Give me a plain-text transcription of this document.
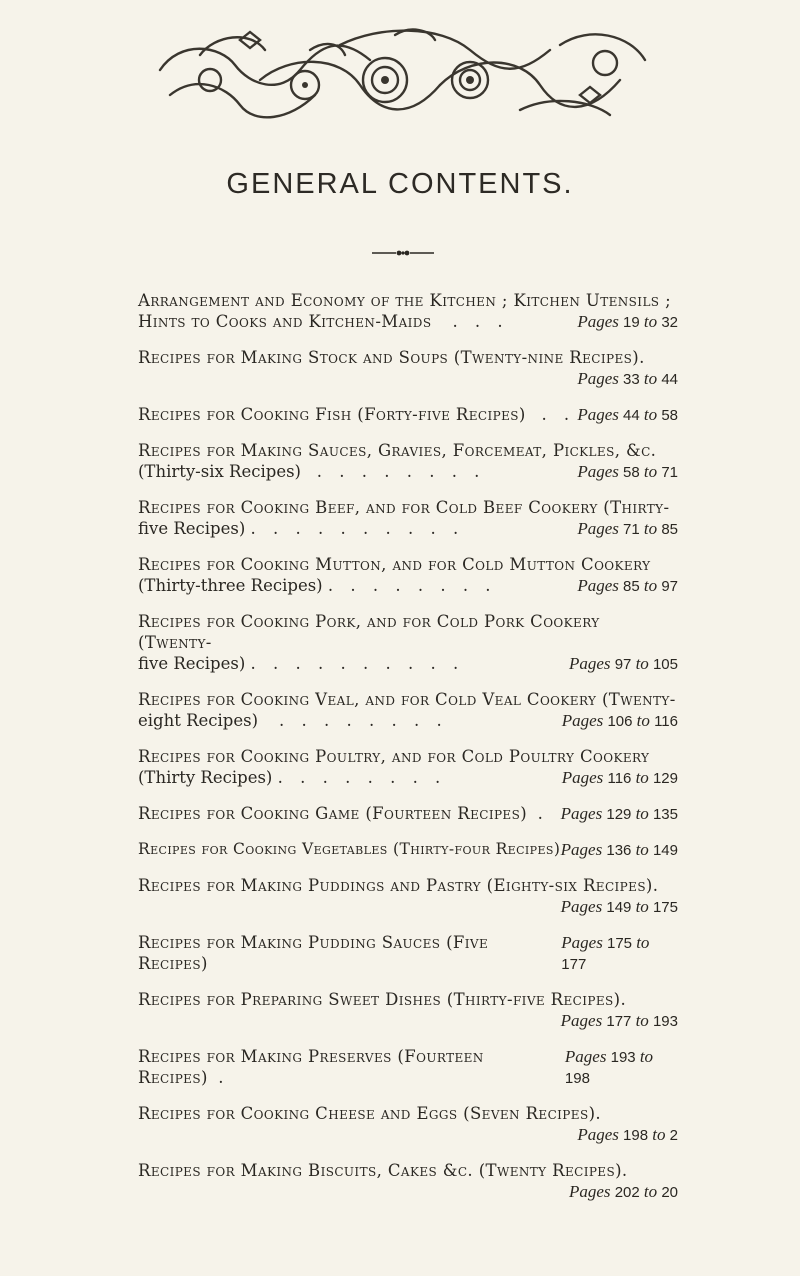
GENERAL CONTENTS.
Arrangement and Economy of the Kitchen ; Kitchen Utensils ;
Hints to Cooks and Kitchen-Maids . . .	Pages 19 to 32
Recipes for Making Stock and Soups (Twenty-nine Recipes).
Pages 33 to 44
Recipes for Cooking Fish (Forty-five Recipes) . . Pages 44 to 58
Recipes for Making Sauces, Gravies, Forcemeat, Pickles, &c.
(Thirty-six Recipes) . . . . . . . .	Pages 58 to 71
Recipes for Cooking Beef, and for Cold Beef Cookery (Thirty-
five Recipes) . . . . . . . . . .	Pages 71 to 85
Recipes for Cooking Mutton, and for Cold Mutton Cookery
(Thirty-three Recipes) . . . . . . . .	Pages 85 to 97
Recipes for Cooking Pork, and for Cold Pork Cookery (Twenty-
five Recipes) . . . . . . . . . .	Pages 97 to 105
Recipes for Cooking Veal, and for Cold Veal Cookery (Twenty-
eight Recipes) . . . . . . . .	Pages 106 to 116
Recipes for Cooking Poultry, and for Cold Poultry Cookery
(Thirty Recipes) . . . . . . . .	Pages 116 to 129
Recipes for Cooking Game (Fourteen Recipes) . Pages 129 to 135
Recipes for Cooking Vegetables (Thirty-four Recipes) Pages 136 to 149
Recipes for Making Puddings and Pastry (Eighty-six Recipes).
Pages 149 to 175
Recipes for Making Pudding Sauces (Five Recipes)
Pages 175 to 177
Recipes for Preparing Sweet Dishes (Thirty-five Recipes).
Pages 177 to 193
Recipes for Making Preserves (Fourteen Recipes) .
Pages 193 to 198
Recipes for Cooking Cheese and Eggs (Seven Recipes).
Pages 198 to 2
Recipes for Making Biscuits, Cakes &c. (Twenty Recipes).
Pages 202 to 20
